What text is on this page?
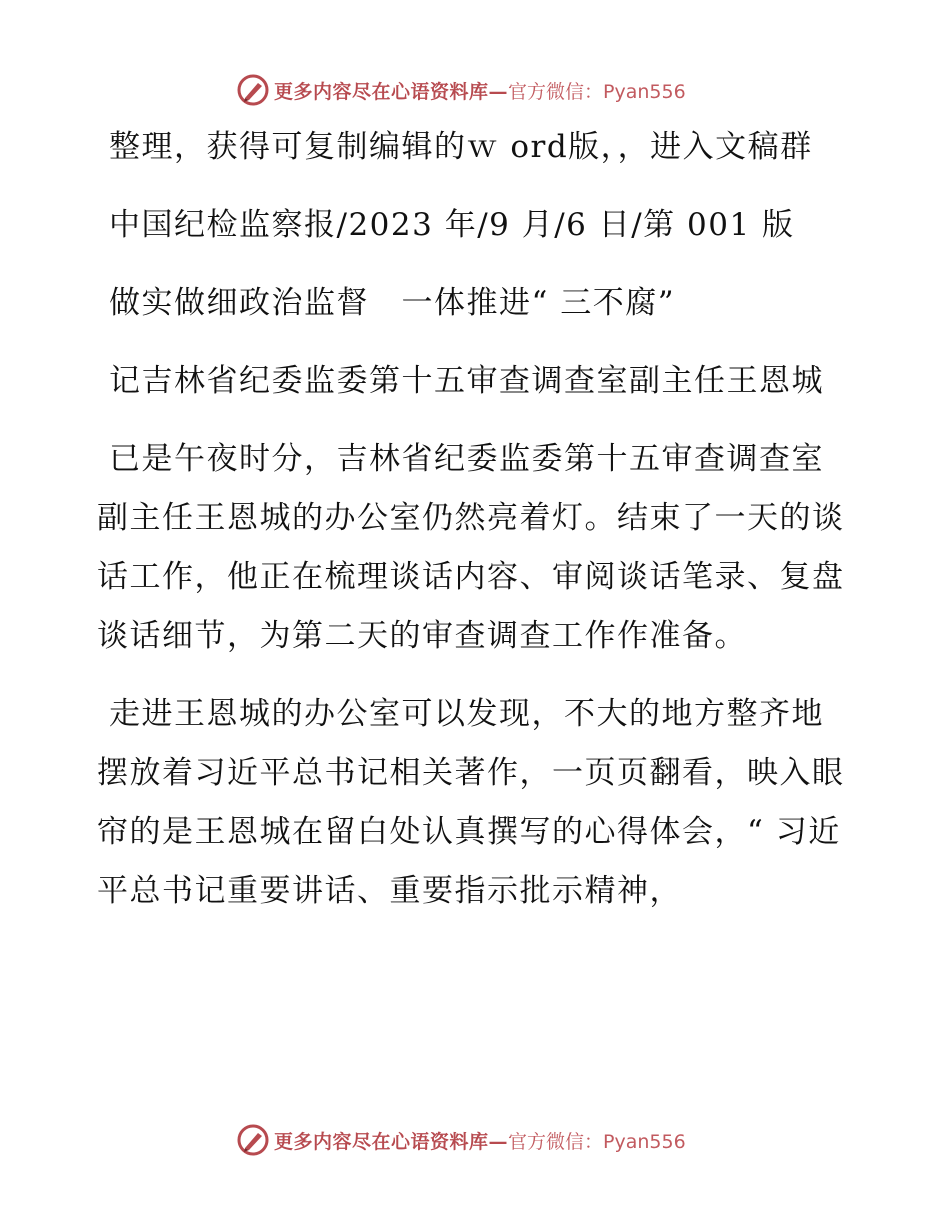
更多内容尽在心语资料库— 官方微信：Pyan556

整理，获得可复制编辑的ｗ ord版，，进入文稿群

中国纪检监察报/2023 年/9 月/6 日/第 001 版

做实做细政治监督　一体推进“ 三不腐”

记吉林省纪委监委第十五审查调查室副主任王恩城

已是午夜时分，吉林省纪委监委第十五审查调查室副主任王恩城的办公室仍然亮着灯。结束了一天的谈话工作，他正在梳理谈话内容、审阅谈话笔录、复盘谈话细节，为第二天的审查调查工作作准备。

走进王恩城的办公室可以发现，不大的地方整齐地摆放着习近平总书记相关著作，一页页翻看，映入眼帘的是王恩城在留白处认真撰写的心得体会，“ 习近平总书记重要讲话、重要指示批示精神，

更多内容尽在心语资料库— 官方微信：Pyan556
